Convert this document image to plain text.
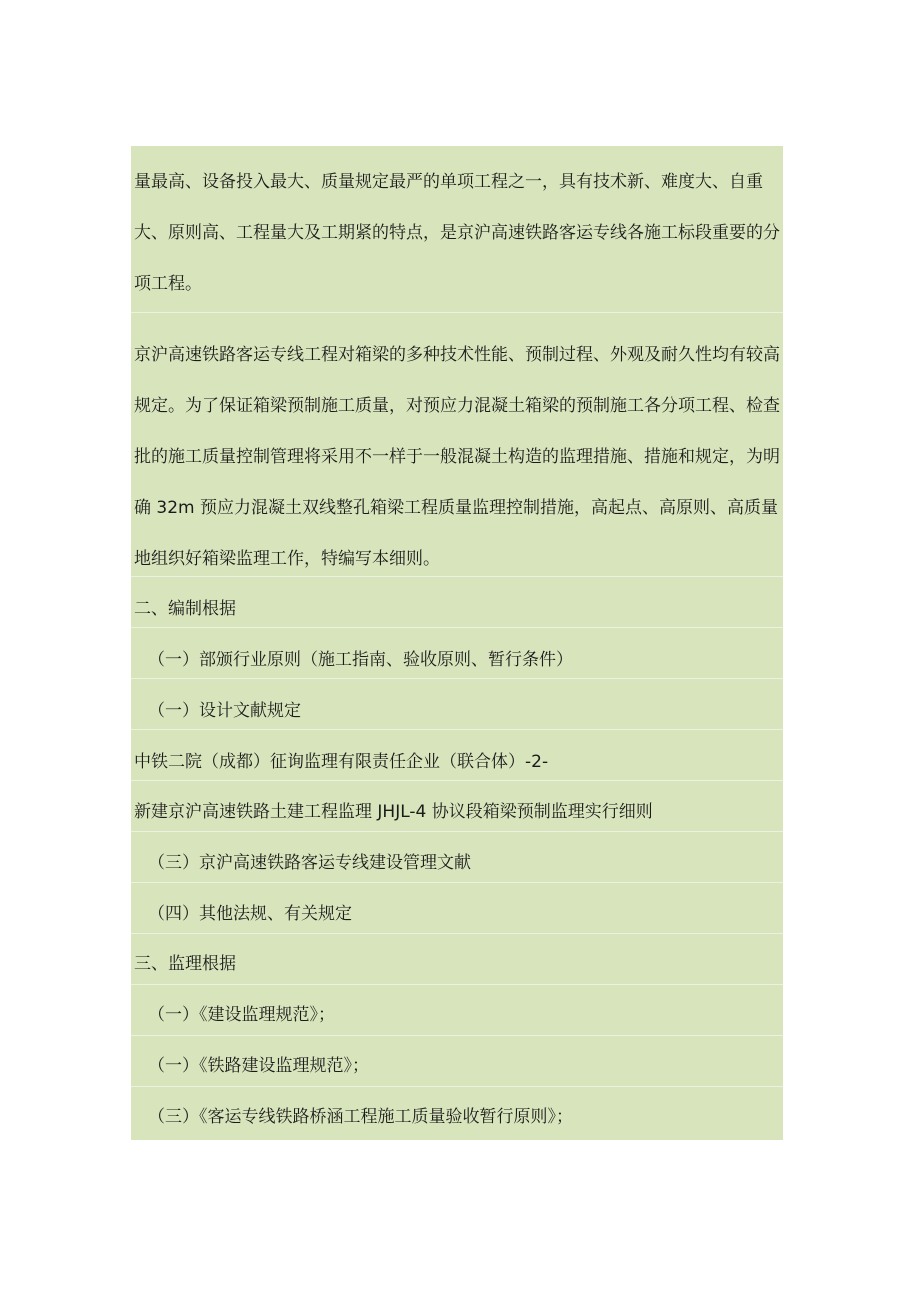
量最高、设备投入最大、质量规定最严的单项工程之一，具有技术新、难度大、自重
大、原则高、工程量大及工期紧的特点，是京沪高速铁路客运专线各施工标段重要的分
项工程。
京沪高速铁路客运专线工程对箱梁的多种技术性能、预制过程、外观及耐久性均有较高
规定。为了保证箱梁预制施工质量，对预应力混凝土箱梁的预制施工各分项工程、检查
批的施工质量控制管理将采用不一样于一般混凝土构造的监理措施、措施和规定，为明
确 32m 预应力混凝土双线整孔箱梁工程质量监理控制措施，高起点、高原则、高质量
地组织好箱梁监理工作，特编写本细则。
二、编制根据
（一）部颁行业原则（施工指南、验收原则、暂行条件）
（一）设计文献规定
中铁二院（成都）征询监理有限责任企业（联合体）-2-
新建京沪高速铁路土建工程监理 JHJL-4 协议段箱梁预制监理实行细则
（三）京沪高速铁路客运专线建设管理文献
（四）其他法规、有关规定
三、监理根据
（一）《建设监理规范》；
（一）《铁路建设监理规范》；
（三）《客运专线铁路桥涵工程施工质量验收暂行原则》；
